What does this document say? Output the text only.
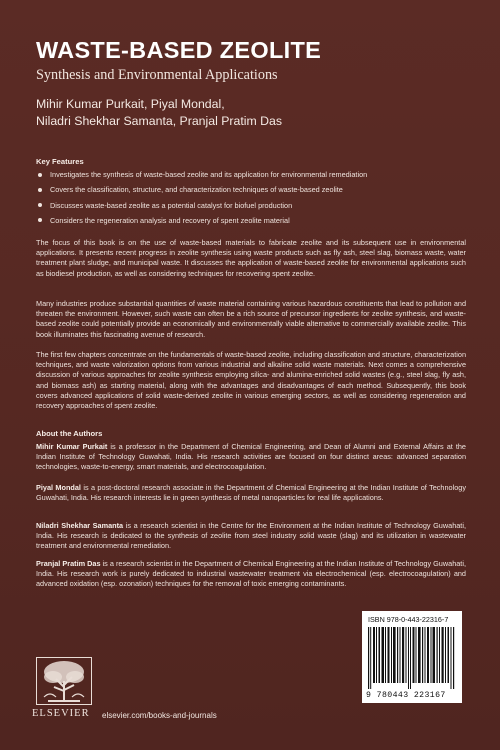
WASTE-BASED ZEOLITE
Synthesis and Environmental Applications
Mihir Kumar Purkait, Piyal Mondal,
Niladri Shekhar Samanta, Pranjal Pratim Das
Key Features
Investigates the synthesis of waste-based zeolite and its application for environmental remediation
Covers the classification, structure, and characterization techniques of waste-based zeolite
Discusses waste-based zeolite as a potential catalyst for biofuel production
Considers the regeneration analysis and recovery of spent zeolite material

The focus of this book is on the use of waste-based materials to fabricate zeolite and its subsequent use in environmental applications. It presents recent progress in zeolite synthesis using waste products such as fly ash, steel slag, biomass waste, water treatment plant sludge, and municipal waste. It discusses the application of waste-based zeolite for environmental applications such as biodiesel production, as well as considering techniques for recovering spent zeolite.

Many industries produce substantial quantities of waste material containing various hazardous constituents that lead to pollution and threaten the environment. However, such waste can often be a rich source of precursor ingredients for zeolite synthesis, and waste-based zeolite could potentially provide an economically and environmentally viable alternative to commercially available zeolite. This book illuminates this fascinating avenue of research.

The first few chapters concentrate on the fundamentals of waste-based zeolite, including classification and structure, characterization techniques, and waste valorization options from various industrial and alkaline solid waste materials. Next comes a comprehensive discussion of various approaches for zeolite synthesis employing silica- and alumina-enriched solid wastes (e.g., steel slag, fly ash, and biomass ash) as starting material, along with the advantages and disadvantages of each method. Subsequently, this book covers advanced applications of solid waste-derived zeolite in various emerging sectors, as well as considering regeneration and recovery approaches of spent zeolite.

About the Authors

Mihir Kumar Purkait is a professor in the Department of Chemical Engineering, and Dean of Alumni and External Affairs at the Indian Institute of Technology Guwahati, India. His research activities are focused on four distinct areas: advanced separation technologies, waste-to-energy, smart materials, and electrocoagulation.

Piyal Mondal is a post-doctoral research associate in the Department of Chemical Engineering at the Indian Institute of Technology Guwahati, India. His research interests lie in green synthesis of metal nanoparticles for real life applications.

Niladri Shekhar Samanta is a research scientist in the Centre for the Environment at the Indian Institute of Technology Guwahati, India. His research is dedicated to the synthesis of zeolite from steel industry solid waste (slag) and its utilization in wastewater treatment and environmental remediation.

Pranjal Pratim Das is a research scientist in the Department of Chemical Engineering at the Indian Institute of Technology Guwahati, India. His research work is purely dedicated to industrial wastewater treatment via electrochemical (esp. electrocoagulation) and advanced oxidation (esp. ozonation) techniques for the removal of toxic emerging contaminants.

ELSEVIER elsevier.com/books-and-journals
ISBN 978-0-443-22316-7
9 780443 223167
